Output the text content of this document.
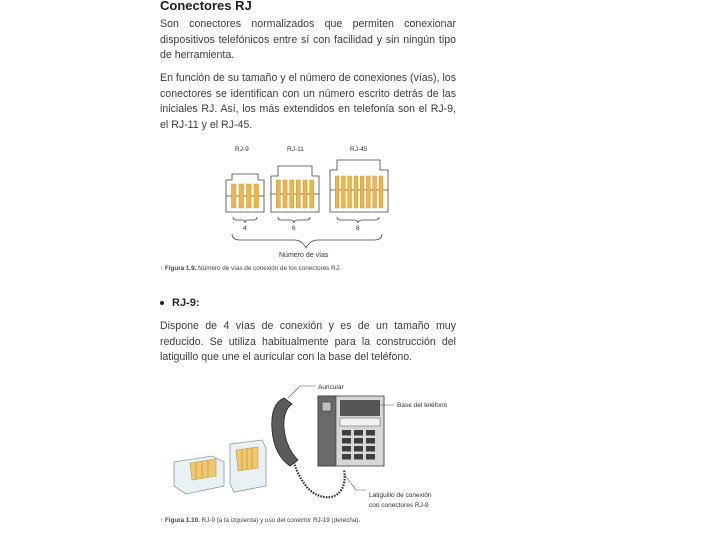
Conectores RJ

Son conectores normalizados que permiten conexionar dispositivos telefónicos entre sí con facilidad y sin ningún tipo de herramienta.

En función de su tamaño y el número de conexiones (vías), los conectores se identifican con un número escrito detrás de las iniciales RJ. Así, los más extendidos en telefonía son el RJ-9, el RJ-11 y el RJ-45.

RJ-9	RJ-11	RJ-45
4	6	8
Número de vías
Auricular
Base del teléfono
Latiguillo de conexión
con conectores RJ-9

↑ Figura 1.9. Número de vías de conexión de los conectores RJ.

RJ-9:

Dispone de 4 vías de conexión y es de un tamaño muy reducido. Se utiliza habitualmente para la construcción del latiguillo que une el auricular con la base del teléfono.

↑ Figura 1.10. RJ-9 (a la izquierda) y uso del conector RJ-19 (derecha).
